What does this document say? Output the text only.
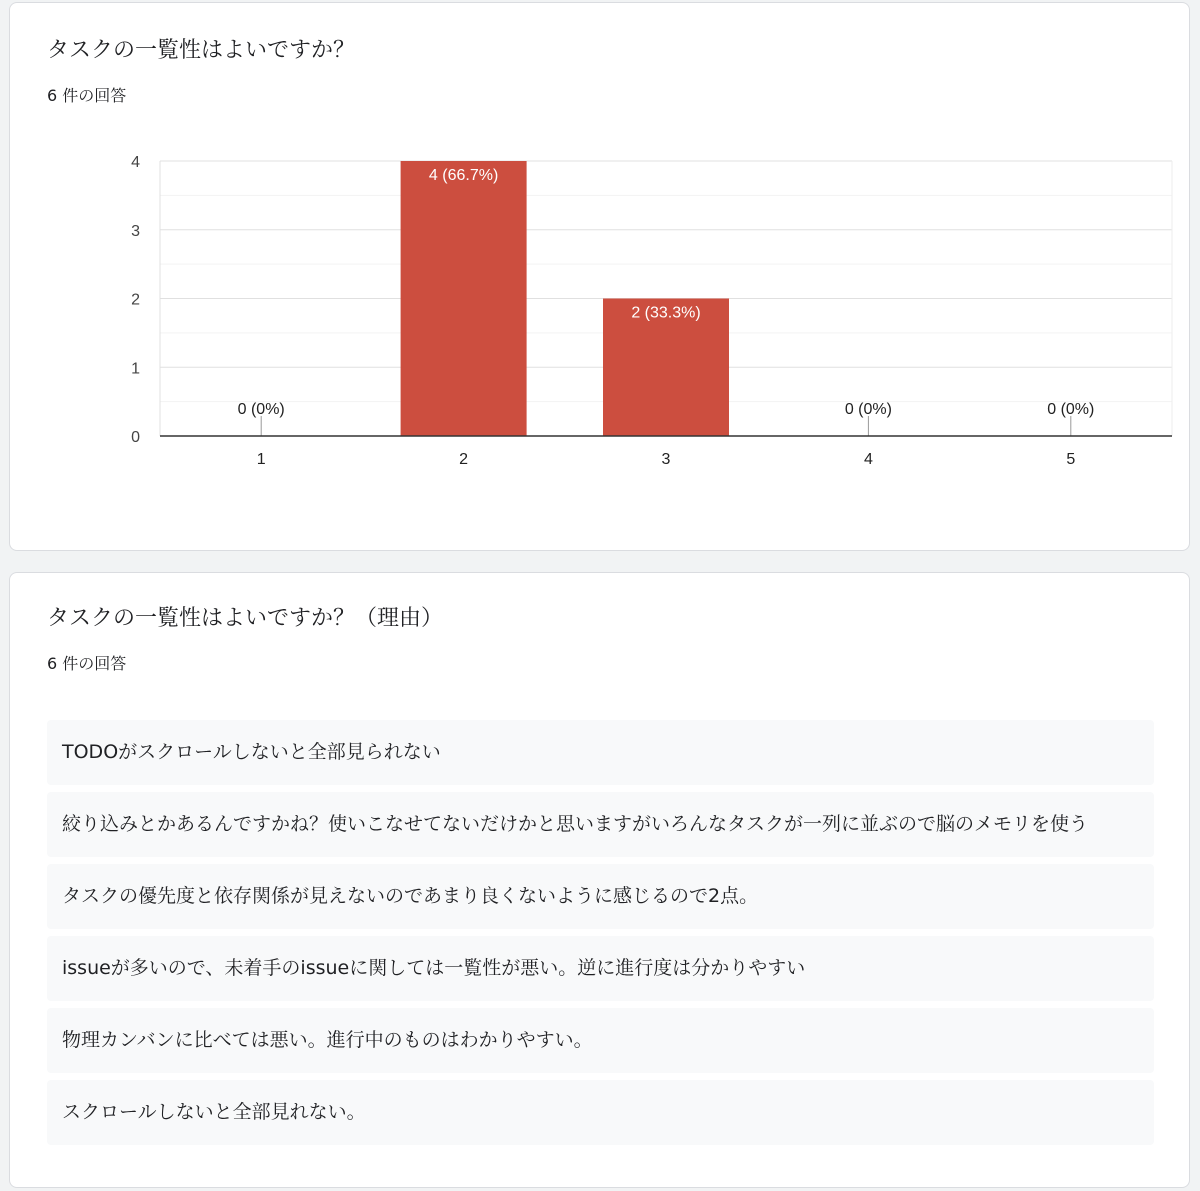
タスクの一覧性はよいですか？
6 件の回答
0
1
2
3
4
0 (0%)
1
4 (66.7%)
2
2 (33.3%)
3
0 (0%)
4
0 (0%)
5
タスクの一覧性はよいですか？（理由）
6 件の回答
TODOがスクロールしないと全部見られない
絞り込みとかあるんですかね？使いこなせてないだけかと思いますがいろんなタスクが一列に並ぶので脳のメモリを使う
タスクの優先度と依存関係が見えないのであまり良くないように感じるので2点。
issueが多いので、未着手のissueに関しては一覧性が悪い。逆に進行度は分かりやすい
物理カンバンに比べては悪い。進行中のものはわかりやすい。
スクロールしないと全部見れない。
